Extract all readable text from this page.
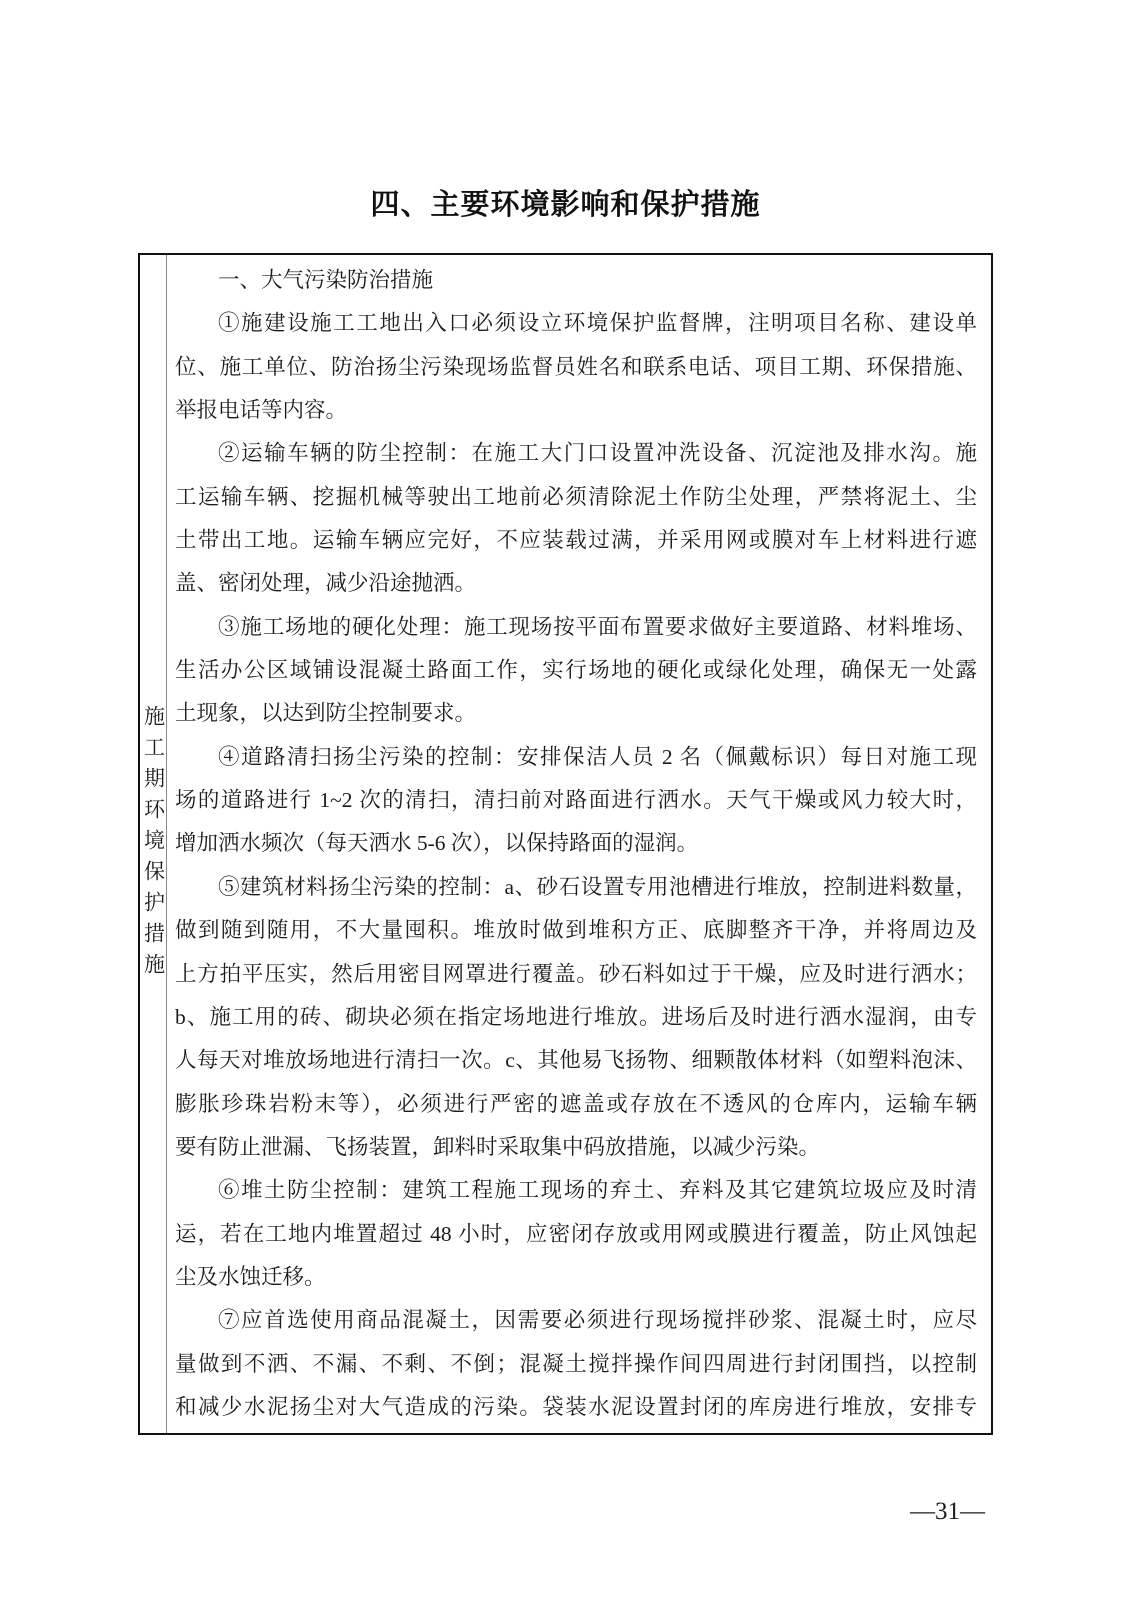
四、主要环境影响和保护措施
施工期环境保护措施
一、大气污染防治措施
①施建设施工工地出入口必须设立环境保护监督牌，注明项目名称、建设单
位、施工单位、防治扬尘污染现场监督员姓名和联系电话、项目工期、环保措施、
举报电话等内容。
②运输车辆的防尘控制：在施工大门口设置冲洗设备、沉淀池及排水沟。施
工运输车辆、挖掘机械等驶出工地前必须清除泥土作防尘处理，严禁将泥土、尘
土带出工地。运输车辆应完好，不应装载过满，并采用网或膜对车上材料进行遮
盖、密闭处理，减少沿途抛洒。
③施工场地的硬化处理：施工现场按平面布置要求做好主要道路、材料堆场、
生活办公区域铺设混凝土路面工作，实行场地的硬化或绿化处理，确保无一处露
土现象，以达到防尘控制要求。
④道路清扫扬尘污染的控制：安排保洁人员 2 名（佩戴标识）每日对施工现
场的道路进行 1~2 次的清扫，清扫前对路面进行洒水。天气干燥或风力较大时，
增加洒水频次（每天洒水 5-6 次），以保持路面的湿润。
⑤建筑材料扬尘污染的控制：a、砂石设置专用池槽进行堆放，控制进料数量，
做到随到随用，不大量囤积。堆放时做到堆积方正、底脚整齐干净，并将周边及
上方拍平压实，然后用密目网罩进行覆盖。砂石料如过于干燥，应及时进行洒水；
b、施工用的砖、砌块必须在指定场地进行堆放。进场后及时进行洒水湿润，由专
人每天对堆放场地进行清扫一次。c、其他易飞扬物、细颗散体材料（如塑料泡沫、
膨胀珍珠岩粉末等），必须进行严密的遮盖或存放在不透风的仓库内，运输车辆
要有防止泄漏、飞扬装置，卸料时采取集中码放措施，以减少污染。
⑥堆土防尘控制：建筑工程施工现场的弃土、弃料及其它建筑垃圾应及时清
运，若在工地内堆置超过 48 小时，应密闭存放或用网或膜进行覆盖，防止风蚀起
尘及水蚀迁移。
⑦应首选使用商品混凝土，因需要必须进行现场搅拌砂浆、混凝土时，应尽
量做到不洒、不漏、不剩、不倒；混凝土搅拌操作间四周进行封闭围挡，以控制
和减少水泥扬尘对大气造成的污染。袋装水泥设置封闭的库房进行堆放，安排专
—31—
